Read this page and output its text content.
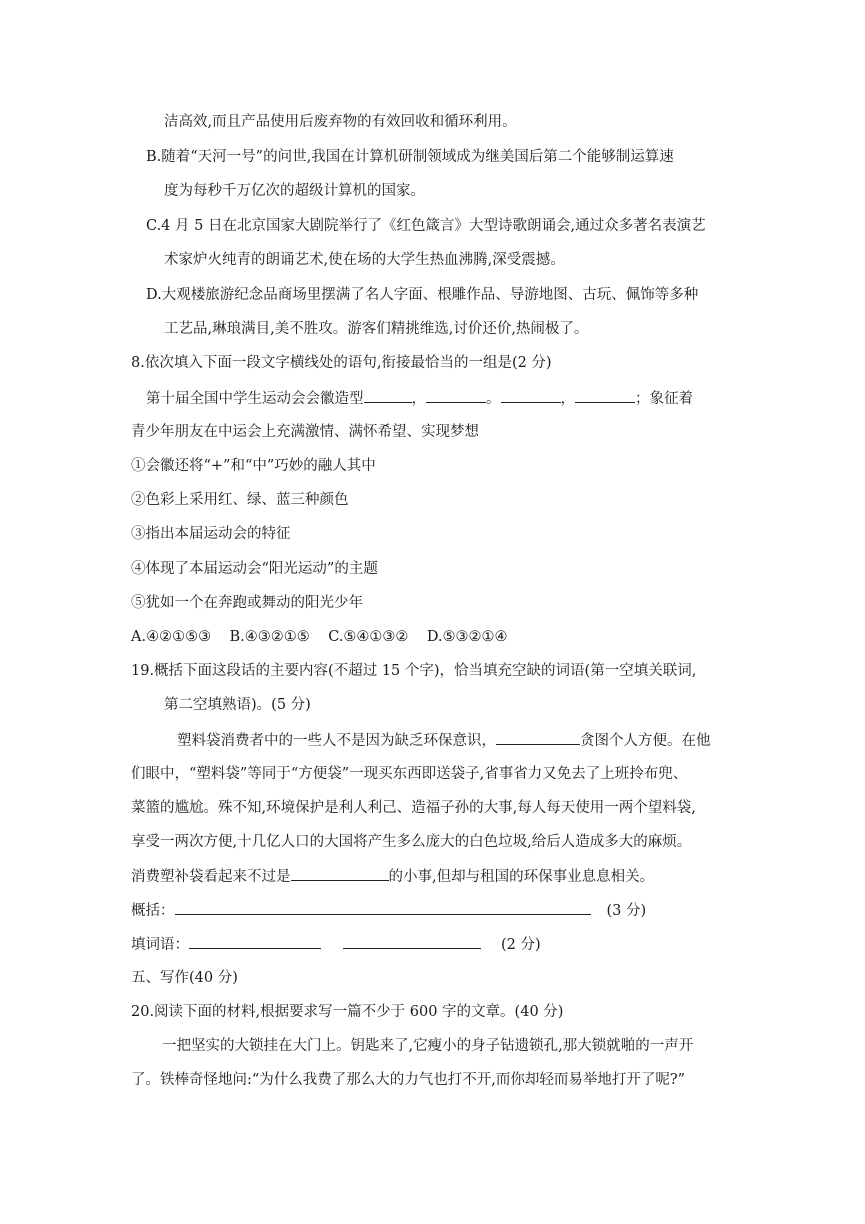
洁高效,而且产品使用后废弃物的有效回收和循环利用。
B.随着“天河一号”的问世,我国在计算机研制领域成为继美国后第二个能够制运算速
度为每秒千万亿次的超级计算机的国家。
C.4 月 5 日在北京国家大剧院举行了《红色箴言》大型诗歌朗诵会,通过众多著名表演艺
术家炉火纯青的朗诵艺术,使在场的大学生热血沸腾,深受震撼。
D.大观楼旅游纪念品商场里摆满了名人字面、根雕作品、导游地图、古玩、佩饰等多种
工艺品,琳琅满目,美不胜攻。游客们精挑维选,讨价还价,热闹极了。
8.依次填入下面一段文字横线处的语句,衔接最恰当的一组是(2 分)
第十届全国中学生运动会会徽造型	，	。	，	；象征着
青少年朋友在中运会上充满激情、满怀希望、实现梦想
①会徽还将“+”和“中”巧妙的融人其中
②色彩上采用红、绿、蓝三种颜色
③指出本届运动会的特征
④体现了本届运动会“阳光运动”的主题
⑤犹如一个在奔跑或舞动的阳光少年
A.④②①⑤③    B.④③②①⑤    C.⑤④①③②    D.⑤③②①④
19.概括下面这段话的主要内容(不超过 15 个字)，恰当填充空缺的词语(第一空填关联词,
第二空填熟语)。(5 分)
塑料袋消费者中的一些人不是因为缺乏环保意识，	贪图个人方便。在他
们眼中，“塑料袋”等同于“方便袋”一现买东西即送袋子,省事省力又免去了上班拎布兜、
菜篮的尴尬。殊不知,环境保护是利人利己、造福子孙的大事,每人每天使用一两个望料袋,
享受一两次方便,十几亿人口的大国将产生多么庞大的白色垃圾,给后人造成多大的麻烦。
消费塑补袋看起来不过是	的小事,但却与租国的环保事业息息相关。
概括：	(3 分)
填词语：	(2 分)
五、写作(40 分)
20.阅读下面的材料,根据要求写一篇不少于 600 字的文章。(40 分)
一把坚实的大锁挂在大门上。钥匙来了,它瘦小的身子钻遗锁孔,那大锁就啪的一声开
了。铁棒奇怪地问:“为什么我费了那么大的力气也打不开,而你却轻而易举地打开了呢?”
